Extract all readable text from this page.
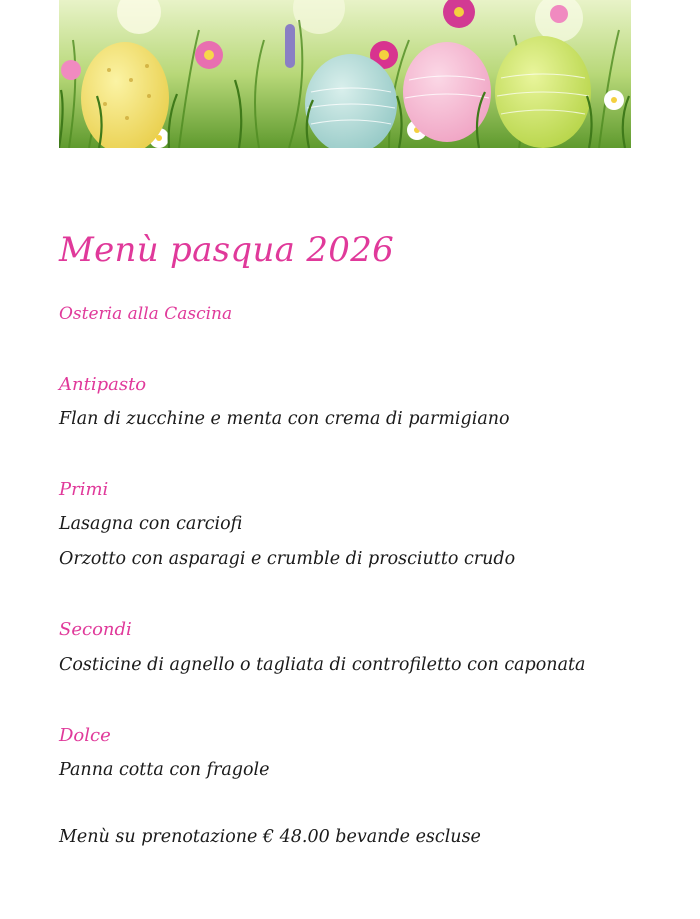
Menù pasqua 2026
Osteria alla Cascina
Antipasto
Flan di zucchine e menta con crema di parmigiano
Primi
Lasagna con carciofi
Orzotto con asparagi e crumble di prosciutto crudo
Secondi
Costicine di agnello o tagliata di controfiletto con caponata
Dolce
Panna cotta con fragole
Menù su prenotazione € 48.00 bevande escluse
